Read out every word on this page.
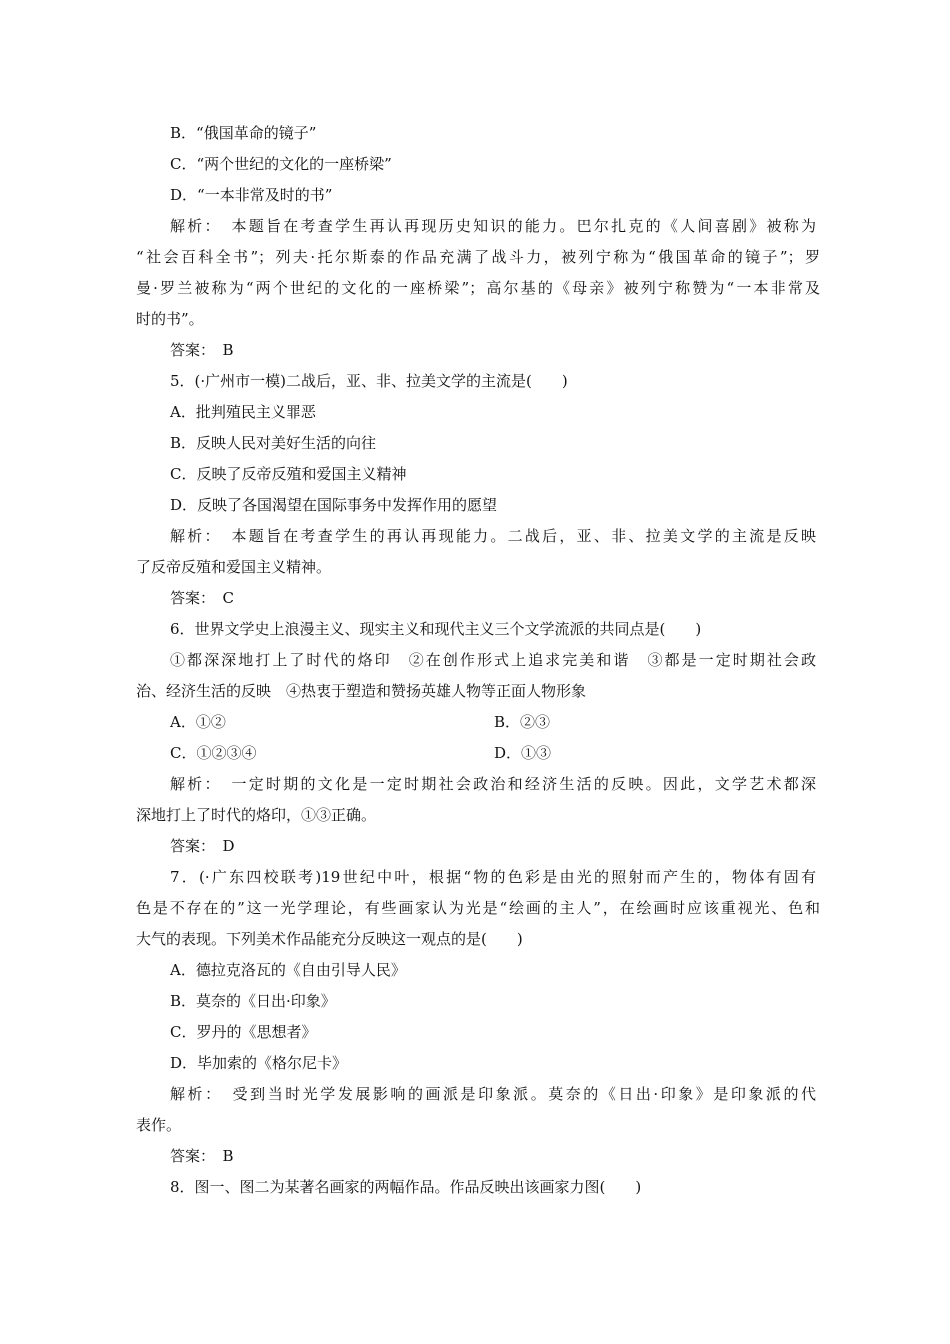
B．“俄国革命的镜子”
C．“两个世纪的文化的一座桥梁”
D．“一本非常及时的书”
解析：　本题旨在考查学生再认再现历史知识的能力。巴尔扎克的《人间喜剧》被称为
“社会百科全书”；列夫·托尔斯泰的作品充满了战斗力，被列宁称为“俄国革命的镜子”；罗
曼·罗兰被称为“两个世纪的文化的一座桥梁”；高尔基的《母亲》被列宁称赞为“一本非常及
时的书”。
答案：　B
5．(·广州市一模)二战后，亚、非、拉美文学的主流是(　　)
A．批判殖民主义罪恶
B．反映人民对美好生活的向往
C．反映了反帝反殖和爱国主义精神
D．反映了各国渴望在国际事务中发挥作用的愿望
解析：　本题旨在考查学生的再认再现能力。二战后，亚、非、拉美文学的主流是反映
了反帝反殖和爱国主义精神。
答案：　C
6．世界文学史上浪漫主义、现实主义和现代主义三个文学流派的共同点是(　　)
①都深深地打上了时代的烙印　②在创作形式上追求完美和谐　③都是一定时期社会政
治、经济生活的反映　④热衷于塑造和赞扬英雄人物等正面人物形象
A．①②	B．②③
C．①②③④	D．①③
解析：　一定时期的文化是一定时期社会政治和经济生活的反映。因此，文学艺术都深
深地打上了时代的烙印，①③正确。
答案：　D
7．(·广东四校联考)19世纪中叶，根据“物的色彩是由光的照射而产生的，物体有固有
色是不存在的”这一光学理论，有些画家认为光是“绘画的主人”，在绘画时应该重视光、色和
大气的表现。下列美术作品能充分反映这一观点的是(　　)
A．德拉克洛瓦的《自由引导人民》
B．莫奈的《日出·印象》
C．罗丹的《思想者》
D．毕加索的《格尔尼卡》
解析：　受到当时光学发展影响的画派是印象派。莫奈的《日出·印象》是印象派的代
表作。
答案：　B
8．图一、图二为某著名画家的两幅作品。作品反映出该画家力图(　　)
